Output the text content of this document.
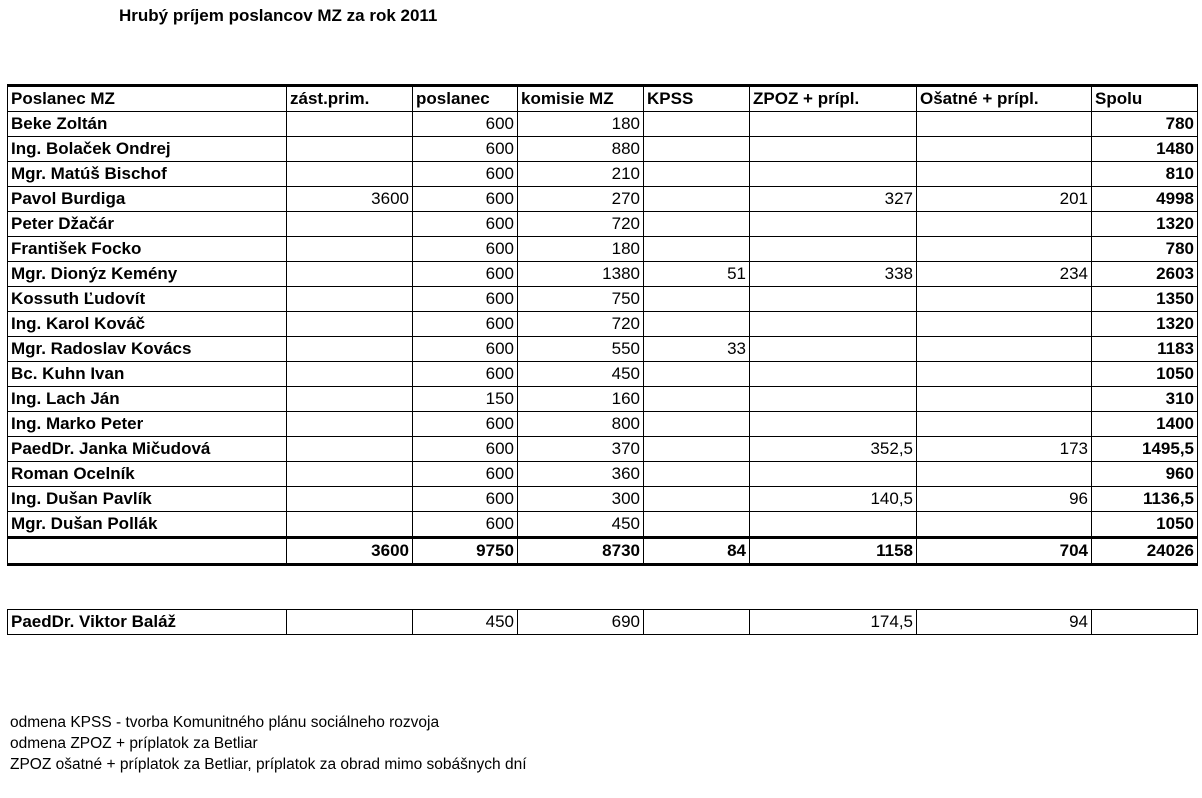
Hrubý príjem poslancov MZ za rok 2011
Poslanec MZ	zást.prim.	poslanec	komisie MZ	KPSS	ZPOZ + prípl.	Ošatné + prípl.	Spolu
Beke Zoltán		600	180				780
Ing. Bolaček Ondrej		600	880				1480
Mgr. Matúš Bischof		600	210				810
Pavol Burdiga	3600	600	270		327	201	4998
Peter Džačár		600	720				1320
František Focko		600	180				780
Mgr. Dionýz Kemény		600	1380	51	338	234	2603
Kossuth Ľudovít		600	750				1350
Ing. Karol Kováč		600	720				1320
Mgr. Radoslav Kovács		600	550	33			1183
Bc. Kuhn Ivan		600	450				1050
Ing. Lach Ján		150	160				310
Ing. Marko Peter		600	800				1400
PaedDr. Janka Mičudová		600	370		352,5	173	1495,5
Roman Ocelník		600	360				960
Ing. Dušan Pavlík		600	300		140,5	96	1136,5
Mgr. Dušan Pollák		600	450				1050
	3600	9750	8730	84	1158	704	24026
PaedDr. Viktor Baláž		450	690		174,5	94	
odmena KPSS - tvorba Komunitného plánu sociálneho rozvoja
odmena ZPOZ + príplatok za Betliar
ZPOZ ošatné + príplatok za Betliar, príplatok za obrad mimo sobášnych dní
